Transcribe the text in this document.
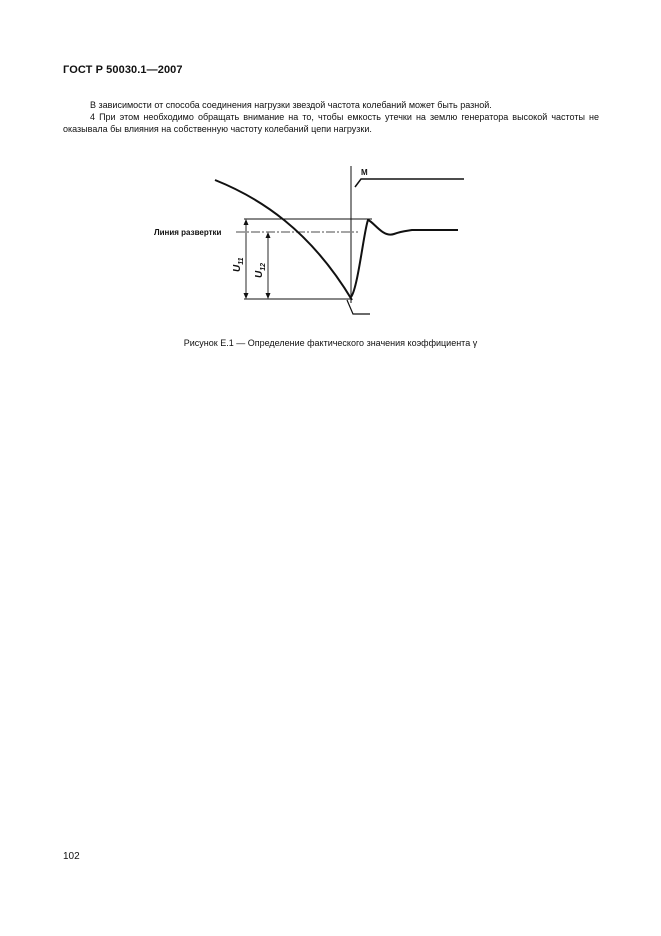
ГОСТ Р 50030.1—2007

В зависимости от способа соединения нагрузки звездой частота колебаний может быть разной.

4 При этом необходимо обращать внимание на то, чтобы емкость утечки на землю генератора высокой частоты не оказывала бы влияния на собственную частоту колебаний цепи нагрузки.

Линия развертки
M
$U_{11}$
$U_{12}$
Рисунок Е.1 — Определение фактического значения коэффициента γ
102
